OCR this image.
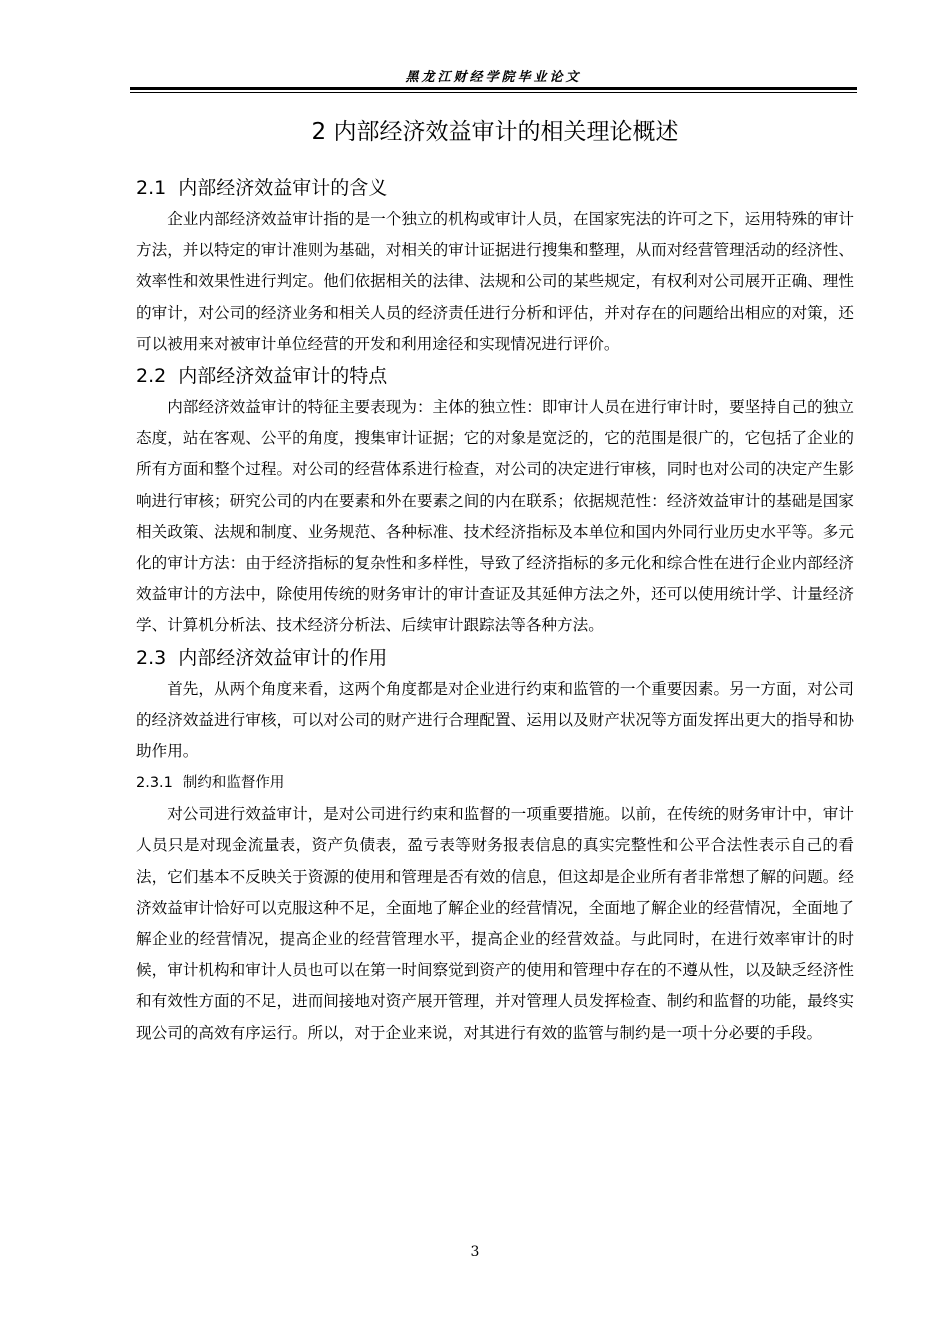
黑龙江财经学院毕业论文
2 内部经济效益审计的相关理论概述
2.1 内部经济效益审计的含义

企业内部经济效益审计指的是一个独立的机构或审计人员，在国家宪法的许可之下，运用特殊的审计方法，并以特定的审计准则为基础，对相关的审计证据进行搜集和整理，从而对经营管理活动的经济性、效率性和效果性进行判定。他们依据相关的法律、法规和公司的某些规定，有权利对公司展开正确、理性的审计，对公司的经济业务和相关人员的经济责任进行分析和评估，并对存在的问题给出相应的对策，还可以被用来对被审计单位经营的开发和利用途径和实现情况进行评价。

2.2 内部经济效益审计的特点

内部经济效益审计的特征主要表现为：主体的独立性：即审计人员在进行审计时，要坚持自己的独立态度，站在客观、公平的角度，搜集审计证据；它的对象是宽泛的，它的范围是很广的，它包括了企业的所有方面和整个过程。对公司的经营体系进行检查，对公司的决定进行审核，同时也对公司的决定产生影响进行审核；研究公司的内在要素和外在要素之间的内在联系；依据规范性：经济效益审计的基础是国家相关政策、法规和制度、业务规范、各种标准、技术经济指标及本单位和国内外同行业历史水平等。多元化的审计方法：由于经济指标的复杂性和多样性，导致了经济指标的多元化和综合性在进行企业内部经济效益审计的方法中，除使用传统的财务审计的审计查证及其延伸方法之外，还可以使用统计学、计量经济学、计算机分析法、技术经济分析法、后续审计跟踪法等各种方法。

2.3 内部经济效益审计的作用

首先，从两个角度来看，这两个角度都是对企业进行约束和监管的一个重要因素。另一方面，对公司的经济效益进行审核，可以对公司的财产进行合理配置、运用以及财产状况等方面发挥出更大的指导和协助作用。

2.3.1 制约和监督作用

对公司进行效益审计，是对公司进行约束和监督的一项重要措施。以前，在传统的财务审计中，审计人员只是对现金流量表，资产负债表，盈亏表等财务报表信息的真实完整性和公平合法性表示自己的看法，它们基本不反映关于资源的使用和管理是否有效的信息，但这却是企业所有者非常想了解的问题。经济效益审计恰好可以克服这种不足，全面地了解企业的经营情况，全面地了解企业的经营情况，全面地了解企业的经营情况，提高企业的经营管理水平，提高企业的经营效益。与此同时，在进行效率审计的时候，审计机构和审计人员也可以在第一时间察觉到资产的使用和管理中存在的不遵从性，以及缺乏经济性和有效性方面的不足，进而间接地对资产展开管理，并对管理人员发挥检查、制约和监督的功能，最终实现公司的高效有序运行。所以，对于企业来说，对其进行有效的监管与制约是一项十分必要的手段。

3
